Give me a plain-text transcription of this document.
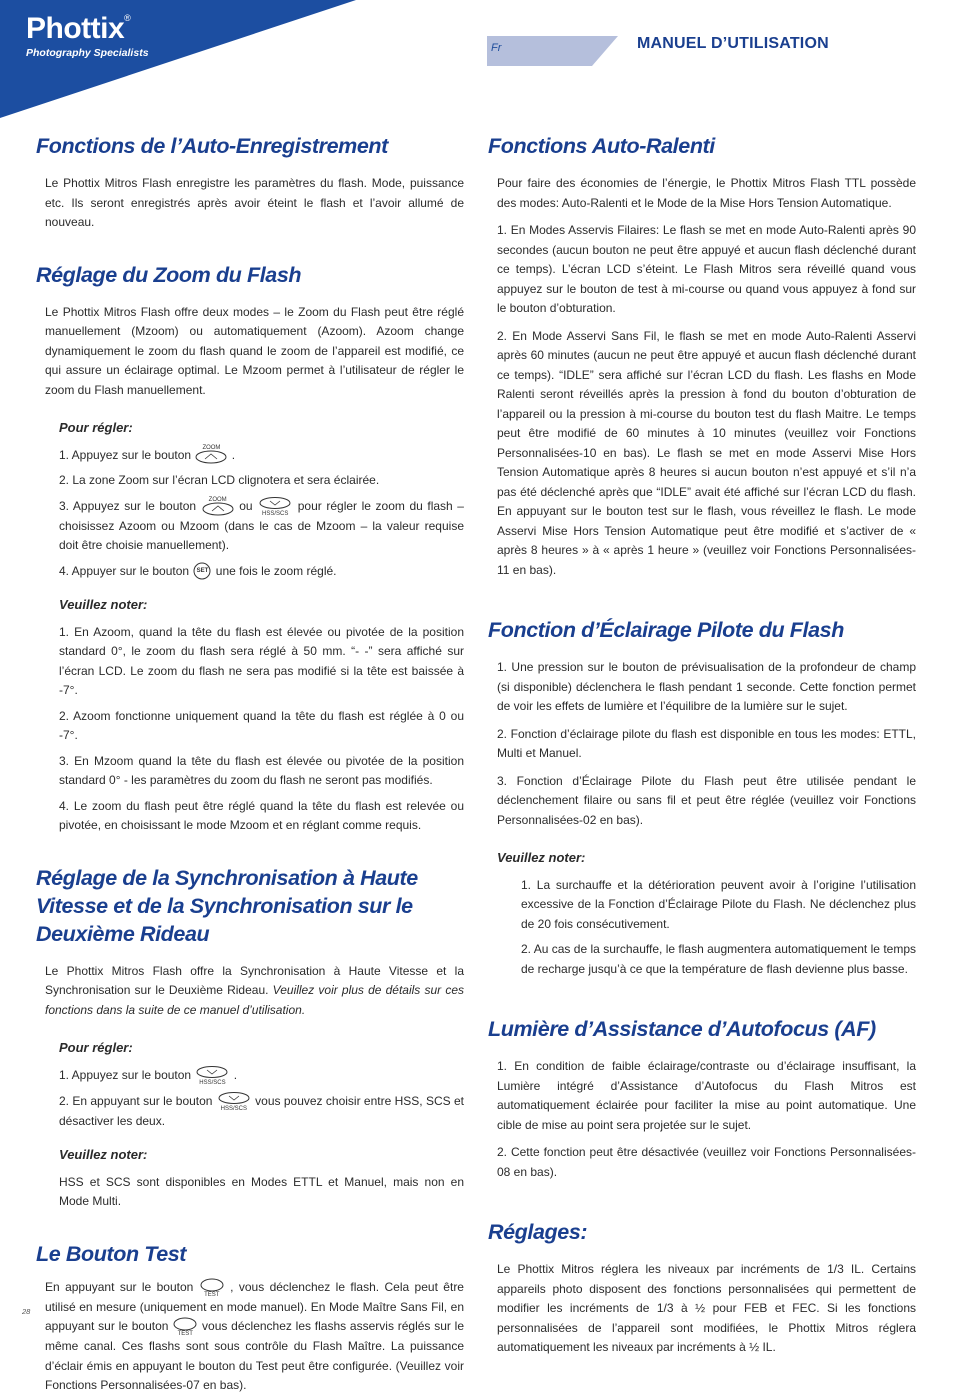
Phottix®
Photography Specialists	Fr	MANUEL D’UTILISATION
Fonctions de l’Auto-Enregistrement

Le Phottix Mitros Flash enregistre les paramètres du flash. Mode, puissance etc. Ils seront enregistrés après avoir éteint le flash et l’avoir allumé de nouveau.

Réglage du Zoom du Flash

Le Phottix Mitros Flash offre deux modes – le Zoom du Flash peut être réglé manuellement (Mzoom) ou automatiquement (Azoom). Azoom change dynamiquement le zoom du flash quand le zoom de l’appareil est modifié, ce qui assure un éclairage optimal. Le Mzoom permet à l’utilisateur de régler le zoom du Flash manuellement.

Pour régler:

1. Appuyez sur le bouton	ZOOM .

2. La zone Zoom sur l’écran LCD clignotera et sera éclairée.

3. Appuyez sur le bouton	ZOOM	ou
HSS/SCS
pour régler le zoom du flash – choisissez Azoom ou Mzoom (dans le cas de Mzoom – la valeur requise doit être choisie manuellement).

4. Appuyer sur le bouton	SET une fois le zoom réglé.

Veuillez noter:

1. En Azoom, quand la tête du flash est élevée ou pivotée de la position standard 0°, le zoom du flash sera réglé à 50 mm. “- -” sera affiché sur l’écran LCD. Le zoom du flash ne sera pas modifié si la tête est baissée à -7°.

2. Azoom fonctionne uniquement quand la tête du flash est réglée à 0 ou -7°.

3. En Mzoom quand la tête du flash est élevée ou pivotée de la position standard 0° - les paramètres du zoom du flash ne seront pas modifiés.

4. Le zoom du flash peut être réglé quand la tête du flash est relevée ou pivotée, en choisissant le mode Mzoom et en réglant comme requis.

Réglage de la Synchronisation à Haute Vitesse et de la Synchronisation sur le Deuxième Rideau

Le Phottix Mitros Flash offre la Synchronisation à Haute Vitesse et la Synchronisation sur le Deuxième Rideau. Veuillez voir plus de détails sur ces fonctions dans la suite de ce manuel d’utilisation.

Pour régler:

1. Appuyez sur le bouton
HSS/SCS
.

2. En appuyant sur le bouton
HSS/SCS
vous pouvez choisir entre HSS, SCS et désactiver les deux.

Veuillez noter:

HSS et SCS sont disponibles en Modes ETTL et Manuel, mais non en Mode Multi.

Le Bouton Test

En appuyant sur le bouton
TEST
, vous déclenchez le flash. Cela peut être utilisé en mesure (uniquement en mode manuel). En Mode Maître Sans Fil, en appuyant sur le bouton
TEST
vous déclenchez les flashs asservis réglés sur le même canal. Ces flashs sont sous contrôle du Flash Maître. La puissance d’éclair émis en appuyant le bouton du Test peut être configurée. (Veuillez voir Fonctions Personnalisées-07 en bas).

Fonctions Auto-Ralenti

Pour faire des économies de l’énergie, le Phottix Mitros Flash TTL possède des modes: Auto-Ralenti et le Mode de la Mise Hors Tension Automatique.

1. En Modes Asservis Filaires: Le flash se met en mode Auto-Ralenti après 90 secondes (aucun bouton ne peut être appuyé et aucun flash déclenché durant ce temps). L’écran LCD s’éteint. Le Flash Mitros sera réveillé quand vous appuyez sur le bouton de test à mi-course ou quand vous appuyez à fond sur le bouton d’obturation.

2. En Mode Asservi Sans Fil, le flash se met en mode Auto-Ralenti Asservi après 60 minutes (aucun ne peut être appuyé et aucun flash déclenché durant ce temps). “IDLE” sera affiché sur l’écran LCD du flash. Les flashs en Mode Ralenti seront réveillés après la pression à fond du bouton d’obturation de l’appareil ou la pression à mi-course du bouton test du flash Maitre. Le temps peut être modifié de 60 minutes à 10 minutes (veuillez voir Fonctions Personnalisées-10 en bas). Le flash se met en mode Asservi Mise Hors Tension Automatique après 8 heures si aucun bouton n’est appuyé et s’il n’a pas été déclenché après que “IDLE” avait été affiché sur l’écran LCD du flash. En appuyant sur le bouton test sur le flash, vous réveillez le flash. Le mode Asservi Mise Hors Tension Automatique peut être modifié et s’activer de « après 8 heures » à « après 1 heure » (veuillez voir Fonctions Personnalisées-11 en bas).

Fonction d’Éclairage Pilote du Flash

1. Une pression sur le bouton de prévisualisation de la profondeur de champ (si disponible) déclenchera le flash pendant 1 seconde. Cette fonction permet de voir les effets de lumière et l’équilibre de la lumière sur le sujet.

2. Fonction d’éclairage pilote du flash est disponible en tous les modes: ETTL, Multi et Manuel.

3. Fonction d’Éclairage Pilote du Flash peut être utilisée pendant le déclenchement filaire ou sans fil et peut être réglée (veuillez voir Fonctions Personnalisées-02 en bas).

Veuillez noter:

1. La surchauffe et la détérioration peuvent avoir à l’origine l’utilisation excessive de la Fonction d’Éclairage Pilote du Flash. Ne déclenchez plus de 20 fois consécutivement.

2. Au cas de la surchauffe, le flash augmentera automatiquement le temps de recharge jusqu’à ce que la température de flash devienne plus basse.

Lumière d’Assistance d’Autofocus (AF)

1. En condition de faible éclairage/contraste ou d’éclairage insuffisant, la Lumière intégré d’Assistance d’Autofocus du Flash Mitros est automatiquement éclairée pour faciliter la mise au point automatique. Une cible de mise au point sera projetée sur le sujet.

2. Cette fonction peut être désactivée (veuillez voir Fonctions Personnalisées-08 en bas).

Réglages:

Le Phottix Mitros réglera les niveaux par incréments de 1/3 IL. Certains appareils photo disposent des fonctions personnalisées qui permettent de modifier les incréments de 1/3 à ½ pour FEB et FEC. Si les fonctions personnalisées de l’appareil sont modifiées, le Phottix Mitros réglera automatiquement les niveaux par incréments à ½ IL.

28
